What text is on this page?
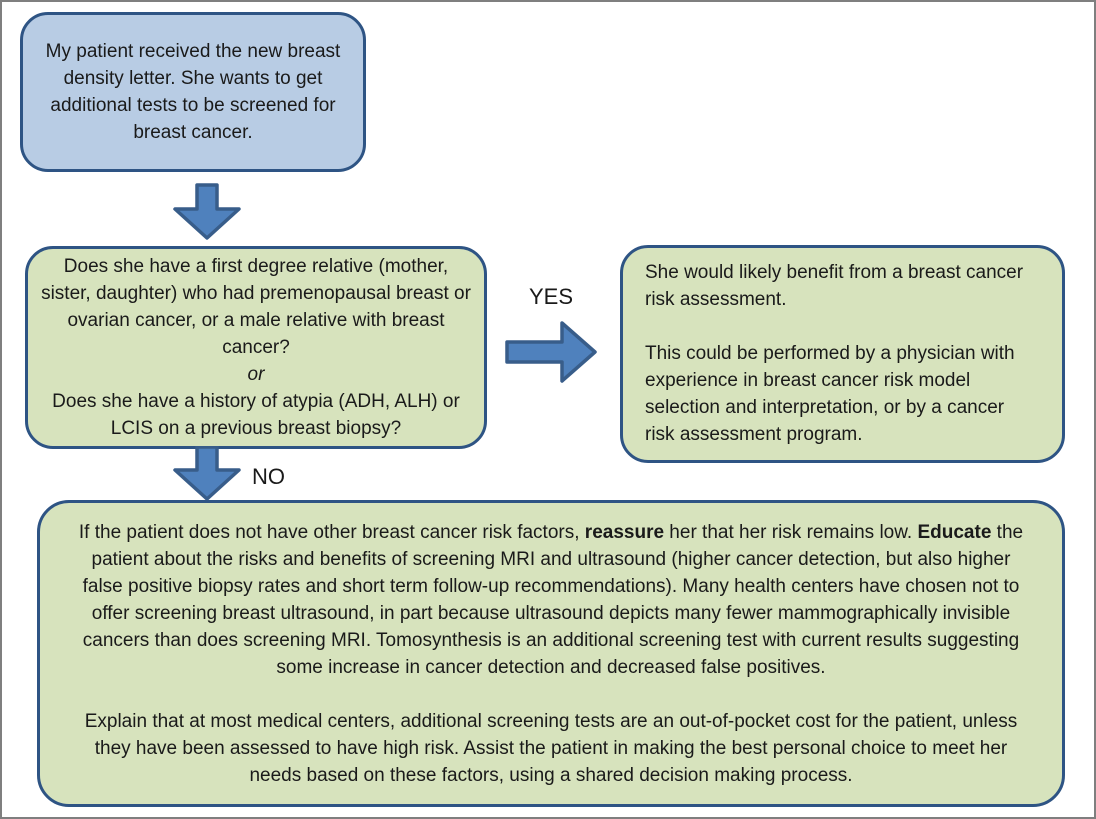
My patient received the new breast density letter. She wants to get additional tests to be screened for breast cancer.

Does she have a first degree relative (mother, sister, daughter) who had premenopausal breast or ovarian cancer, or a male relative with breast cancer?

or

Does she have a history of atypia (ADH, ALH) or LCIS on a previous breast biopsy?

YES

She would likely benefit from a breast cancer risk assessment.

This could be performed by a physician with experience in breast cancer risk model selection and interpretation, or by a cancer risk assessment program.

NO

If the patient does not have other breast cancer risk factors, reassure her that her risk remains low. Educate the patient about the risks and benefits of screening MRI and ultrasound (higher cancer detection, but also higher false positive biopsy rates and short term follow-up recommendations). Many health centers have chosen not to offer screening breast ultrasound, in part because ultrasound depicts many fewer mammographically invisible cancers than does screening MRI. Tomosynthesis is an additional screening test with current results suggesting some increase in cancer detection and decreased false positives.

Explain that at most medical centers, additional screening tests are an out-of-pocket cost for the patient, unless they have been assessed to have high risk. Assist the patient in making the best personal choice to meet her needs based on these factors, using a shared decision making process.
